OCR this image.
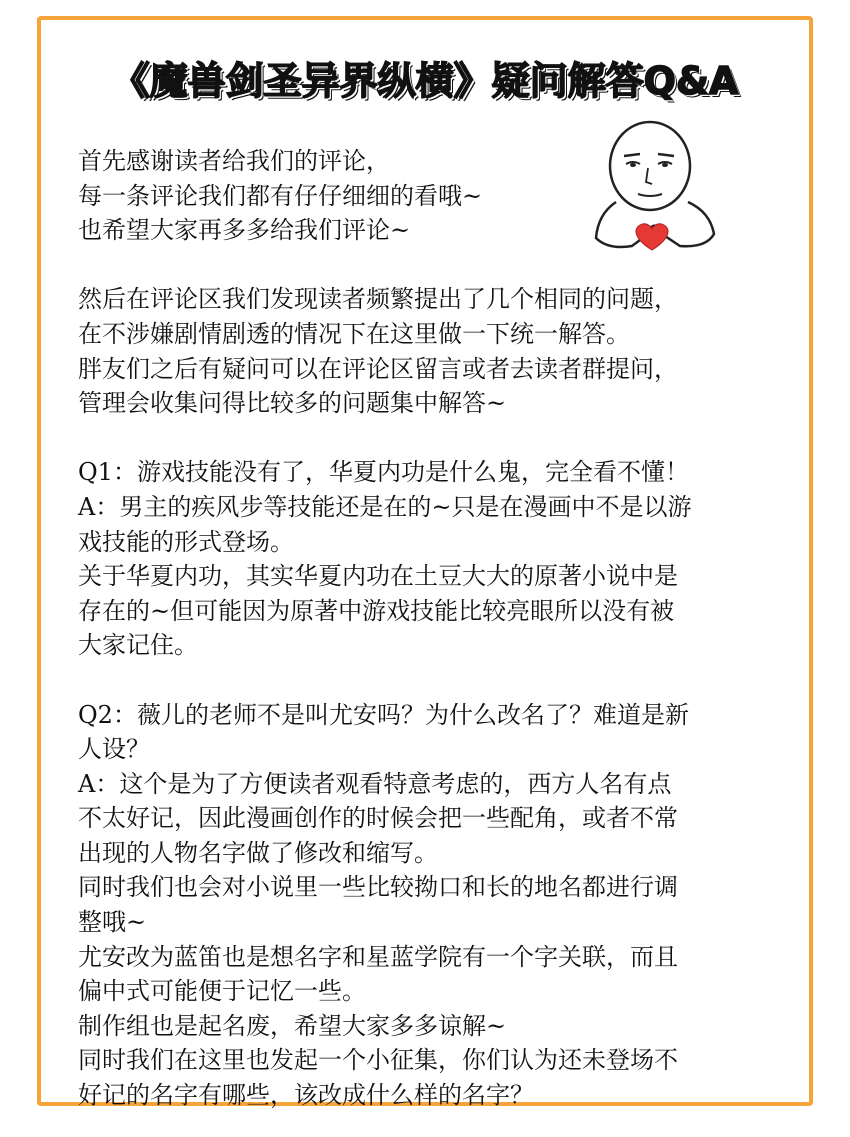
《魔兽剑圣异界纵横》疑问解答Q&A
首先感谢读者给我们的评论，
每一条评论我们都有仔仔细细的看哦~
也希望大家再多多给我们评论~
然后在评论区我们发现读者频繁提出了几个相同的问题，
在不涉嫌剧情剧透的情况下在这里做一下统一解答。
胖友们之后有疑问可以在评论区留言或者去读者群提问，
管理会收集问得比较多的问题集中解答~
Q1：游戏技能没有了，华夏内功是什么鬼，完全看不懂！
A：男主的疾风步等技能还是在的~只是在漫画中不是以游
戏技能的形式登场。
关于华夏内功，其实华夏内功在土豆大大的原著小说中是
存在的~但可能因为原著中游戏技能比较亮眼所以没有被
大家记住。
Q2：薇儿的老师不是叫尤安吗？为什么改名了？难道是新
人设？
A：这个是为了方便读者观看特意考虑的，西方人名有点
不太好记，因此漫画创作的时候会把一些配角，或者不常
出现的人物名字做了修改和缩写。
同时我们也会对小说里一些比较拗口和长的地名都进行调
整哦~
尤安改为蓝笛也是想名字和星蓝学院有一个字关联，而且
偏中式可能便于记忆一些。
制作组也是起名废，希望大家多多谅解~
同时我们在这里也发起一个小征集，你们认为还未登场不
好记的名字有哪些，该改成什么样的名字？
